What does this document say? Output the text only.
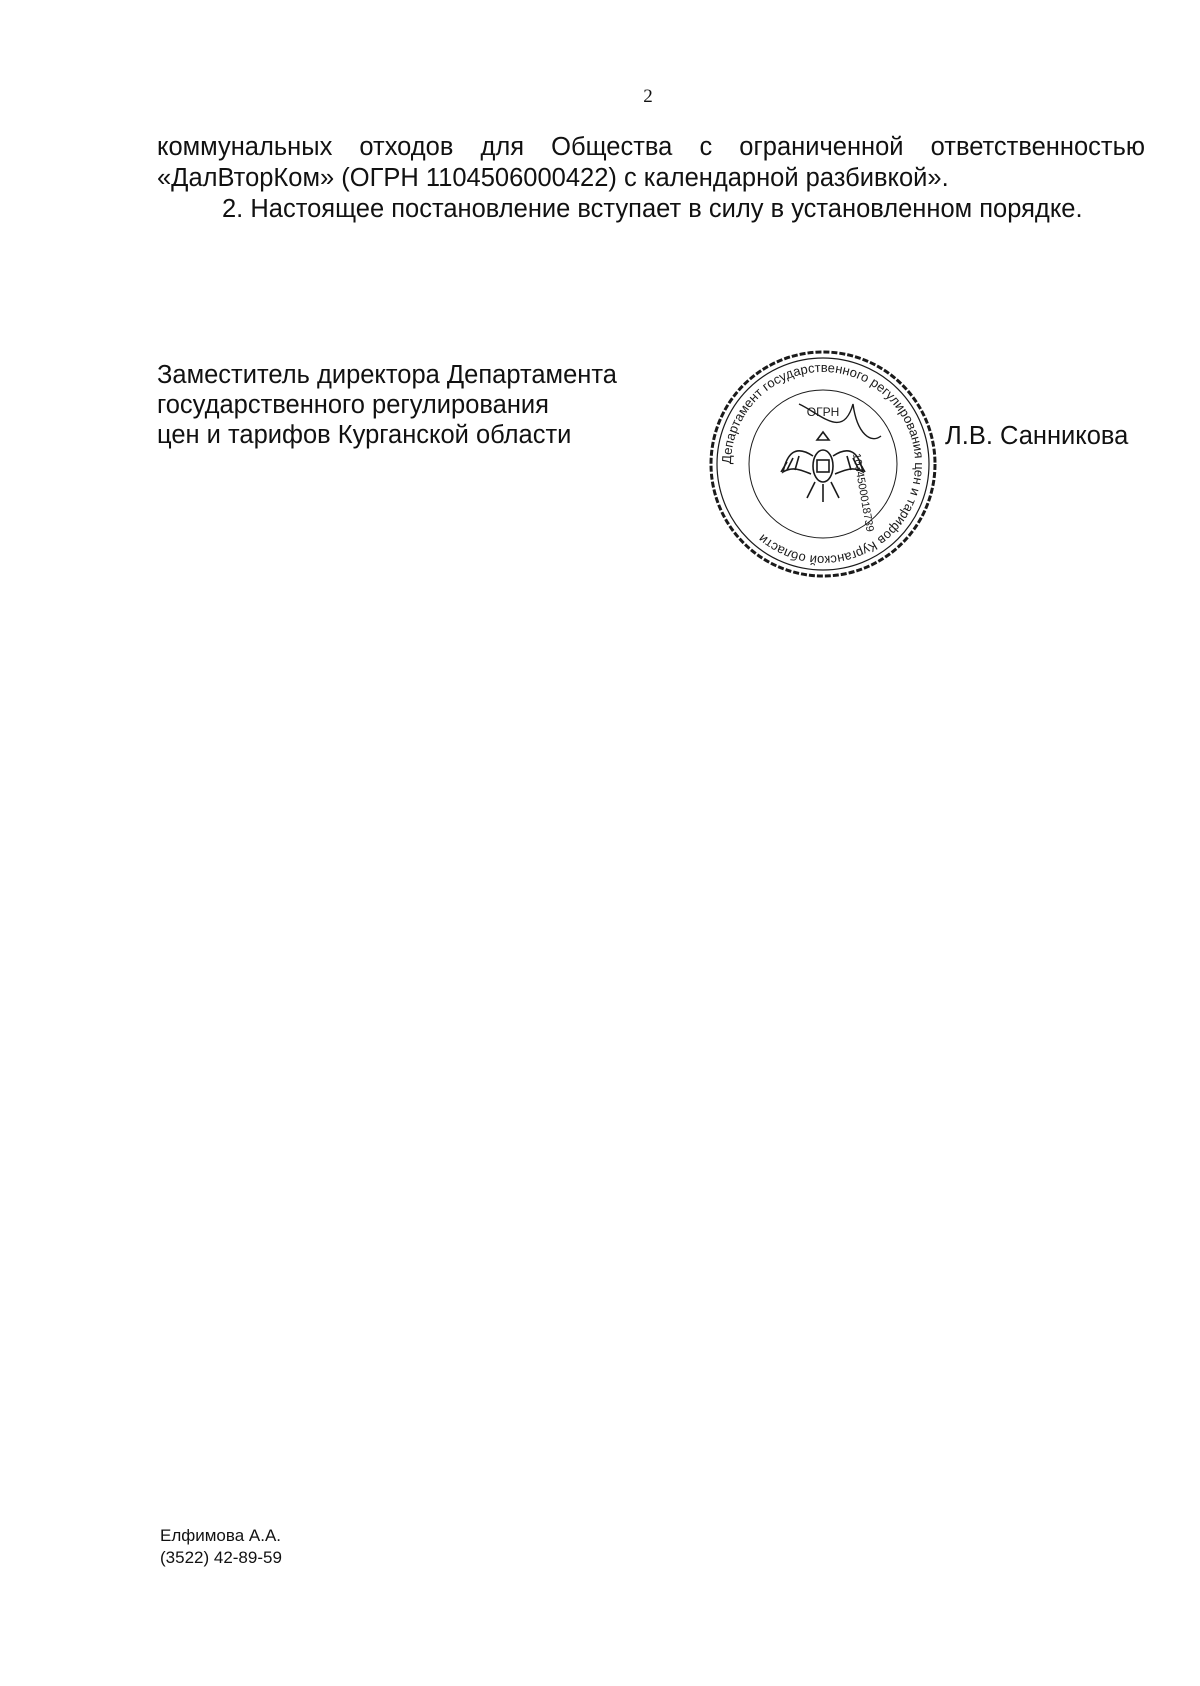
2

коммунальных отходов для Общества с ограниченной ответственностью «ДалВторКом» (ОГРН 1104506000422) с календарной разбивкой».

2. Настоящее постановление вступает в силу в установленном порядке.

Заместитель директора Департамента
государственного регулирования
цен и тарифов Курганской области
Департамент государственного регулирования цен и тарифов Курганской области
ОГРН
1034500018739
Л.В. Санникова
Елфимова А.А.
(3522) 42-89-59
